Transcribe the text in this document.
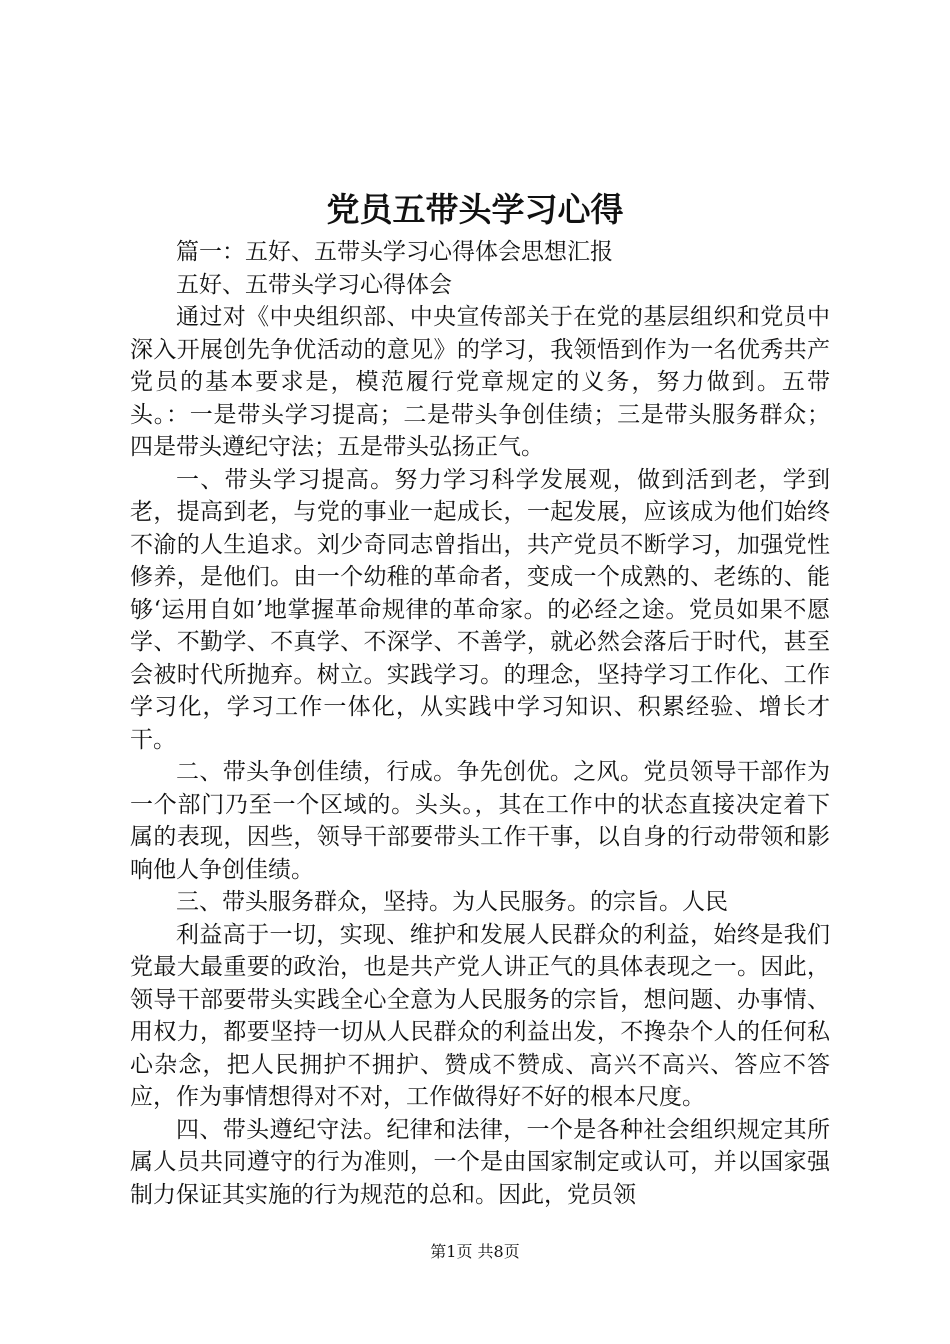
党员五带头学习心得

篇一：五好、五带头学习心得体会思想汇报

五好、五带头学习心得体会

通过对《中央组织部、中央宣传部关于在党的基层组织和党员中深入开展创先争优活动的意见》的学习，我领悟到作为一名优秀共产党员的基本要求是，模范履行党章规定的义务，努力做到。五带头。：一是带头学习提高；二是带头争创佳绩；三是带头服务群众；四是带头遵纪守法；五是带头弘扬正气。

一、带头学习提高。努力学习科学发展观，做到活到老，学到老，提高到老，与党的事业一起成长，一起发展，应该成为他们始终不渝的人生追求。刘少奇同志曾指出，共产党员不断学习，加强党性修养，是他们。由一个幼稚的革命者，变成一个成熟的、老练的、能够‘运用自如’地掌握革命规律的革命家。的必经之途。党员如果不愿学、不勤学、不真学、不深学、不善学，就必然会落后于时代，甚至会被时代所抛弃。树立。实践学习。的理念，坚持学习工作化、工作学习化，学习工作一体化，从实践中学习知识、积累经验、增长才干。

二、带头争创佳绩，行成。争先创优。之风。党员领导干部作为一个部门乃至一个区域的。头头。，其在工作中的状态直接决定着下属的表现，因些，领导干部要带头工作干事，以自身的行动带领和影响他人争创佳绩。

三、带头服务群众，坚持。为人民服务。的宗旨。人民

利益高于一切，实现、维护和发展人民群众的利益，始终是我们党最大最重要的政治，也是共产党人讲正气的具体表现之一。因此，领导干部要带头实践全心全意为人民服务的宗旨，想问题、办事情、用权力，都要坚持一切从人民群众的利益出发，不搀杂个人的任何私心杂念，把人民拥护不拥护、赞成不赞成、高兴不高兴、答应不答应，作为事情想得对不对，工作做得好不好的根本尺度。

四、带头遵纪守法。纪律和法律，一个是各种社会组织规定其所属人员共同遵守的行为准则，一个是由国家制定或认可，并以国家强制力保证其实施的行为规范的总和。因此，党员领

第1页 共8页
